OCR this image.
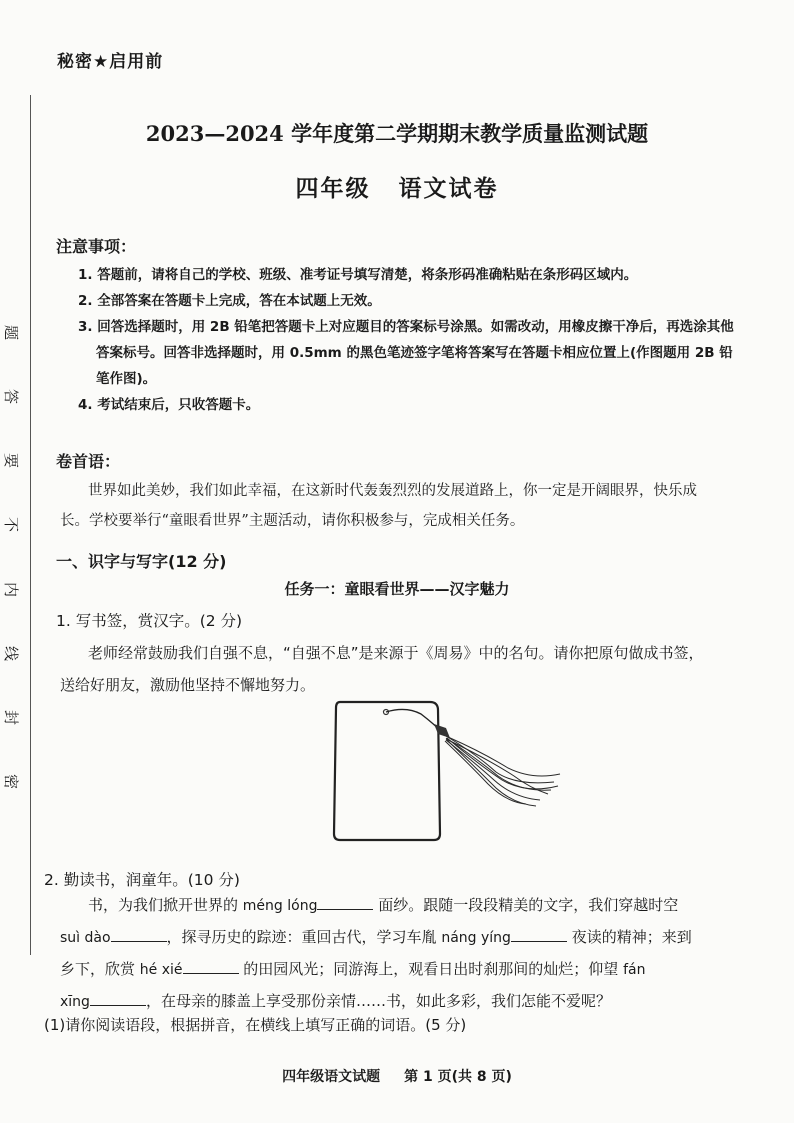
秘密★启用前
题
答
要
不
内
线
封
密
2023—2024 学年度第二学期期末教学质量监测试题
四年级 语文试卷
注意事项：
1. 答题前，请将自己的学校、班级、准考证号填写清楚，将条形码准确粘贴在条形码区域内。
2. 全部答案在答题卡上完成，答在本试题上无效。
3. 回答选择题时，用 2B 铅笔把答题卡上对应题目的答案标号涂黑。如需改动，用橡皮擦干净后，再选涂其他
答案标号。回答非选择题时，用 0.5mm 的黑色笔迹签字笔将答案写在答题卡相应位置上(作图题用 2B 铅
笔作图)。
4. 考试结束后，只收答题卡。
卷首语：
世界如此美妙，我们如此幸福，在这新时代轰轰烈烈的发展道路上，你一定是开阔眼界，快乐成
长。学校要举行“童眼看世界”主题活动，请你积极参与，完成相关任务。
一、识字与写字(12 分)
任务一：童眼看世界——汉字魅力
1. 写书签，赏汉字。(2 分)
老师经常鼓励我们自强不息，“自强不息”是来源于《周易》中的名句。请你把原句做成书签，
送给好朋友，激励他坚持不懈地努力。
2. 勤读书，润童年。(10 分)
书，为我们掀开世界的 méng lóng	面纱。跟随一段段精美的文字，我们穿越时空
suì dào	，探寻历史的踪迹：重回古代，学习车胤 náng yíng	夜读的精神；来到
乡下，欣赏 hé xié	的田园风光；同游海上，观看日出时刹那间的灿烂；仰望 fán
xīng	，在母亲的膝盖上享受那份亲情……书，如此多彩，我们怎能不爱呢？
(1)请你阅读语段，根据拼音，在横线上填写正确的词语。(5 分)
四年级语文试题 第 1 页(共 8 页)
